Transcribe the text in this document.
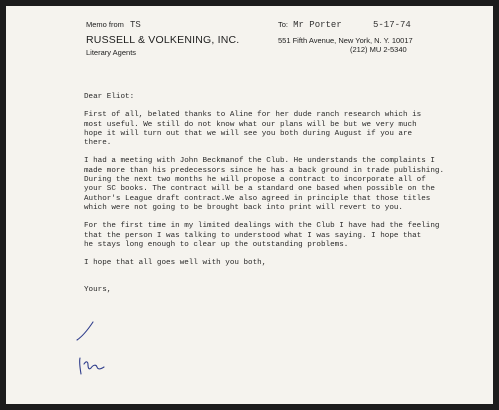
Memo from TS
RUSSELL & VOLKENING, INC.
Literary Agents
To: Mr Porter	5-17-74
551 Fifth Avenue, New York, N. Y. 10017
(212) MU 2-5340

Dear Eliot:

First of all, belated thanks to Aline for her dude ranch research which is

most useful. We still do not know what our plans will be but we very much

hope it will turn out that we will see you both during August if you are

there.

I had a meeting with John Beckmanof the Club. He understands the complaints I

made more than his predecessors since he has a back ground in trade publishing.

During the next two months he will propose a contract to incorporate all of

your SC books. The contract will be a standard one based when possible on the

Author's League draft contract.We also agreed in principle that those titles

which were not going to be brought back into print will revert to you.

For the first time in my limited dealings with the Club I have had the feeling

that the person I was talking to understood what I was saying. I hope that

he stays long enough to clear up the outstanding problems.

I hope that all goes well with you both,

Yours,
